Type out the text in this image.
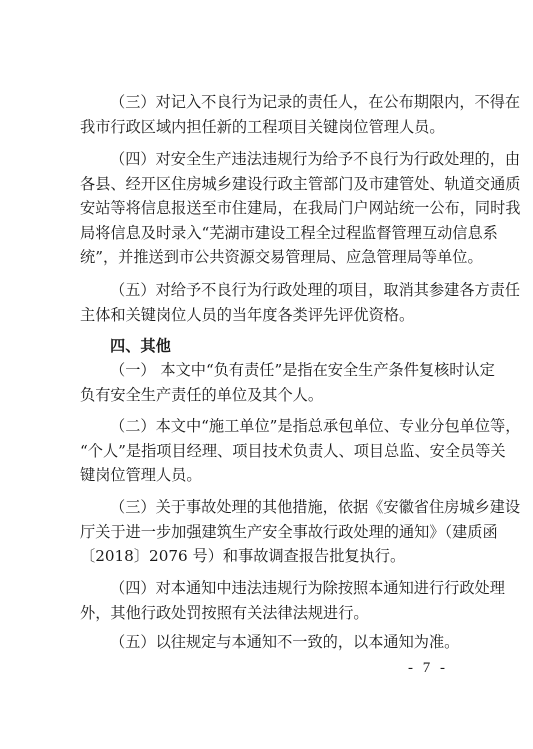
（三）对记入不良行为记录的责任人，在公布期限内，不得在
我市行政区域内担任新的工程项目关键岗位管理人员。
（四）对安全生产违法违规行为给予不良行为行政处理的，由
各县、经开区住房城乡建设行政主管部门及市建管处、轨道交通质
安站等将信息报送至市住建局，在我局门户网站统一公布，同时我
局将信息及时录入“芜湖市建设工程全过程监督管理互动信息系
统”，并推送到市公共资源交易管理局、应急管理局等单位。
（五）对给予不良行为行政处理的项目，取消其参建各方责任
主体和关键岗位人员的当年度各类评先评优资格。
四、其他
（一） 本文中“负有责任”是指在安全生产条件复核时认定
负有安全生产责任的单位及其个人。
（二）本文中“施工单位”是指总承包单位、专业分包单位等，
“个人”是指项目经理、项目技术负责人、项目总监、安全员等关
键岗位管理人员。
（三）关于事故处理的其他措施，依据《安徽省住房城乡建设
厅关于进一步加强建筑生产安全事故行政处理的通知》（建质函
〔2018〕2076 号）和事故调查报告批复执行。
（四）对本通知中违法违规行为除按照本通知进行行政处理
外，其他行政处罚按照有关法律法规进行。
（五）以往规定与本通知不一致的，以本通知为准。
- 7 -
